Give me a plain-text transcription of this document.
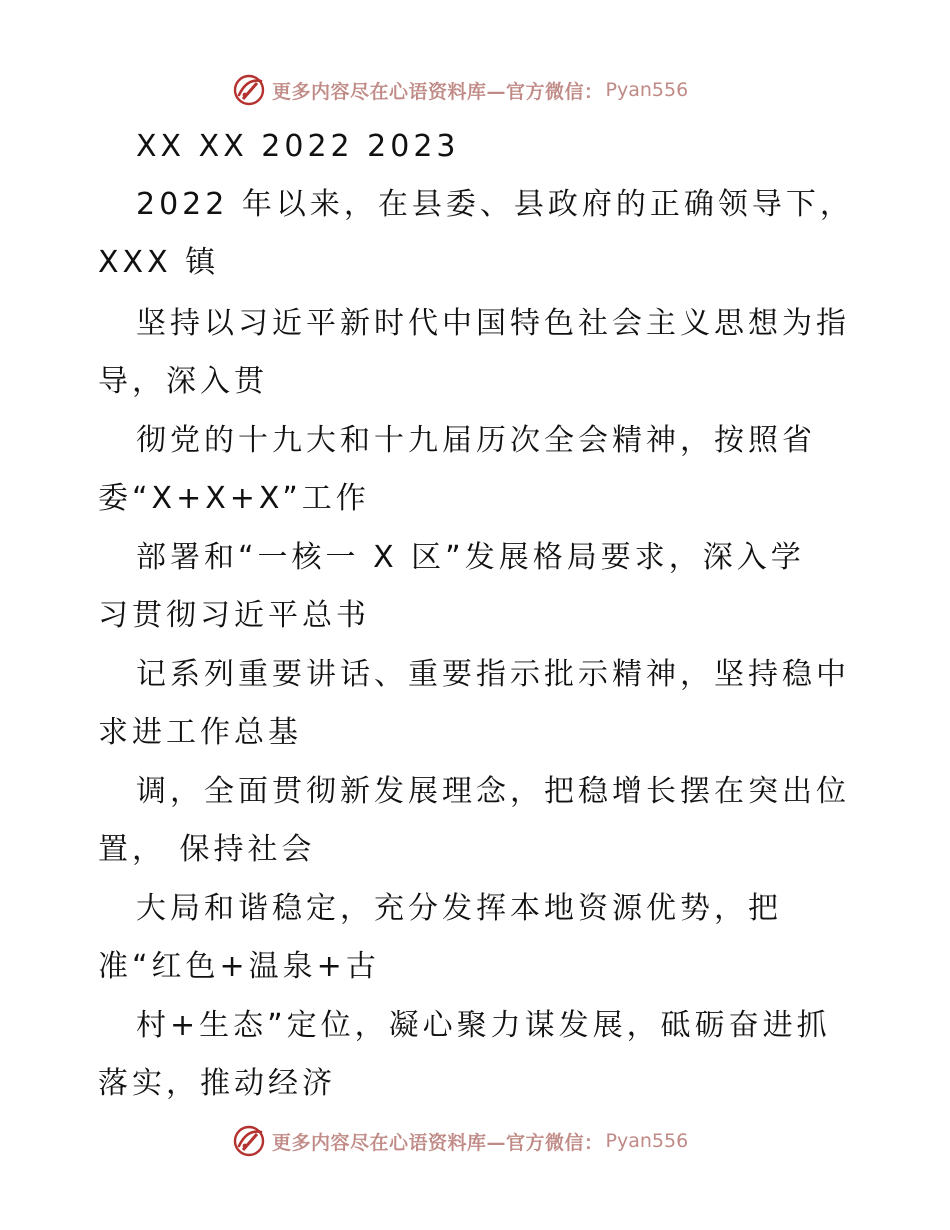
更多内容尽在心语资料库—官方微信： Pyan556
XX XX 2022 2023
2022 年以来，在县委、县政府的正确领导下，
XXX 镇
坚持以习近平新时代中国特色社会主义思想为指
导，深入贯
彻党的十九大和十九届历次全会精神，按照省
委“X+X+X”工作
部署和“一核一 X 区”发展格局要求，深入学
习贯彻习近平总书
记系列重要讲话、重要指示批示精神，坚持稳中
求进工作总基
调，全面贯彻新发展理念，把稳增长摆在突出位
置， 保持社会
大局和谐稳定，充分发挥本地资源优势，把
准“红色+温泉+古
村+生态”定位，凝心聚力谋发展，砥砺奋进抓
落实，推动经济
更多内容尽在心语资料库—官方微信： Pyan556
